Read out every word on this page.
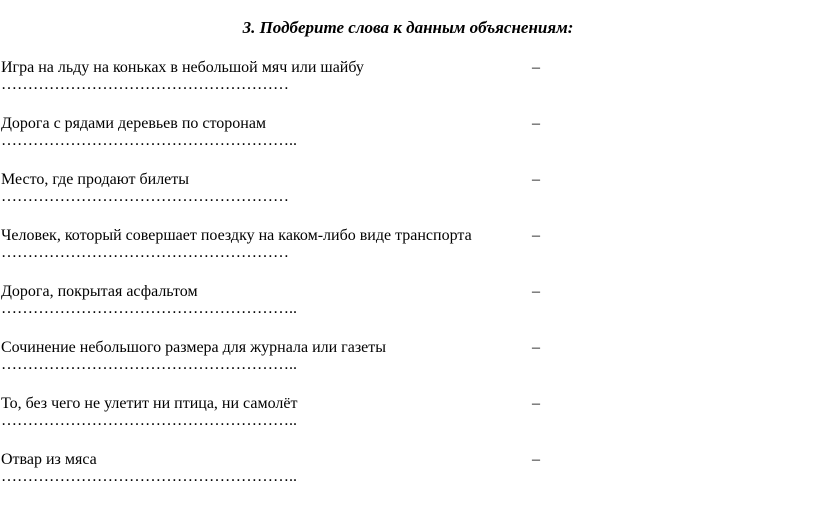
3. Подберите слова к данным объяснениям:
Игра на льду на коньках в небольшой мяч или шайбу	–
………………………………………………
Дорога с рядами деревьев по сторонам	–
………………………………………………..
Место, где продают билеты	–
………………………………………………
Человек, который совершает поездку на каком-либо виде транспорта	–
………………………………………………
Дорога, покрытая асфальтом	–
………………………………………………..
Сочинение небольшого размера для журнала или газеты	–
………………………………………………..
То, без чего не улетит ни птица, ни самолёт	–
………………………………………………..
Отвар из мяса	–
………………………………………………..
